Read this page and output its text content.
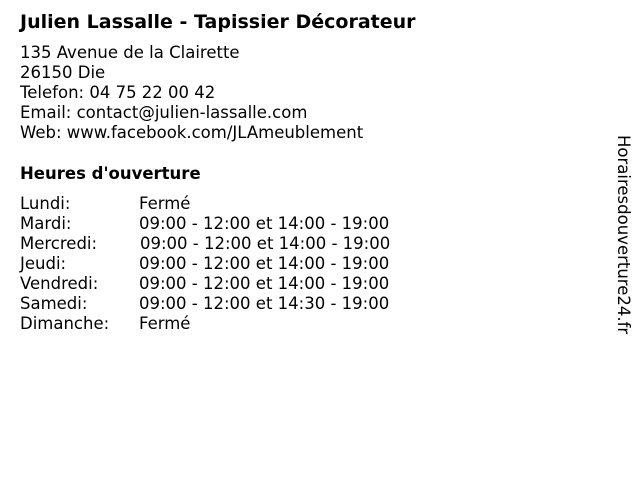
Julien Lassalle - Tapissier Décorateur
135 Avenue de la Clairette
26150 Die
Telefon: 04 75 22 00 42
Email: contact@julien-lassalle.com
Web: www.facebook.com/JLAmeublement
Heures d'ouverture
Lundi:	Fermé
Mardi:	09:00 - 12:00 et 14:00 - 19:00
Mercredi:	09:00 - 12:00 et 14:00 - 19:00
Jeudi:	09:00 - 12:00 et 14:00 - 19:00
Vendredi: 09:00 - 12:00 et 14:00 - 19:00
Samedi:	09:00 - 12:00 et 14:30 - 19:00
Dimanche: Fermé	Horairesdouverture24.fr
